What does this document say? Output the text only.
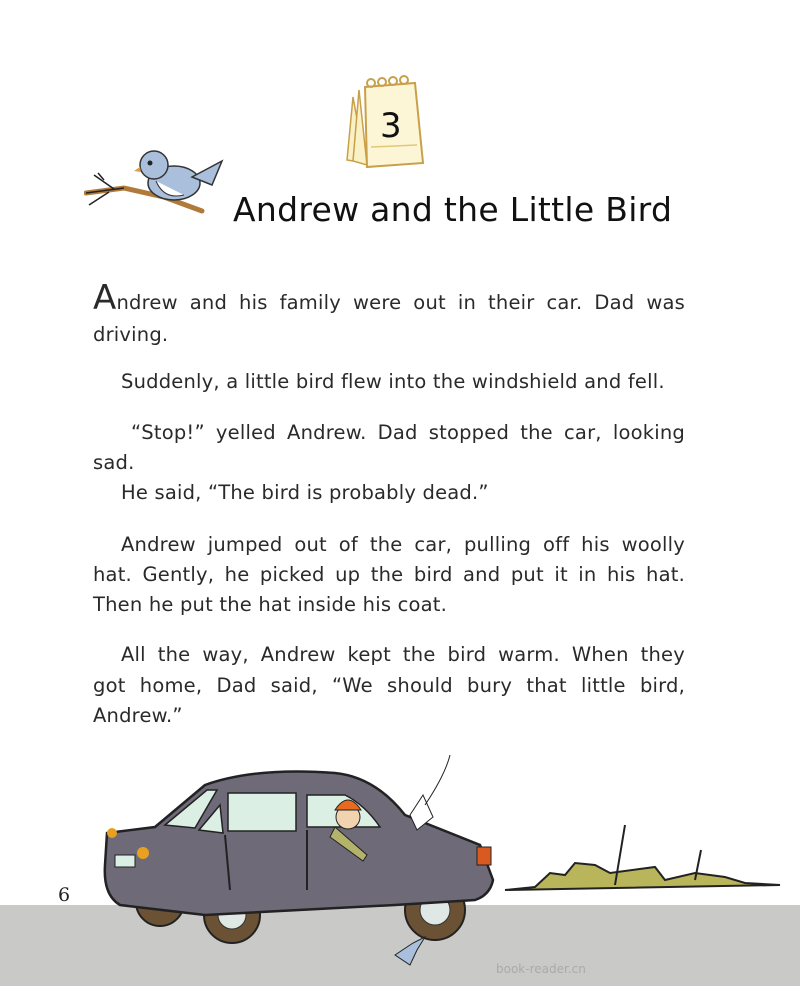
3
Andrew and the Little Bird
Andrew and his family were out in their car. Dad was
driving.
Suddenly, a little bird flew into the windshield and fell.
“Stop!” yelled Andrew. Dad stopped the car, looking
sad.
He said, “The bird is probably dead.”
Andrew jumped out of the car, pulling off his woolly
hat. Gently, he picked up the bird and put it in his hat.
Then he put the hat inside his coat.
All the way, Andrew kept the bird warm. When they
got home, Dad said, “We should bury that little bird,
Andrew.”
6
book-reader.cn
